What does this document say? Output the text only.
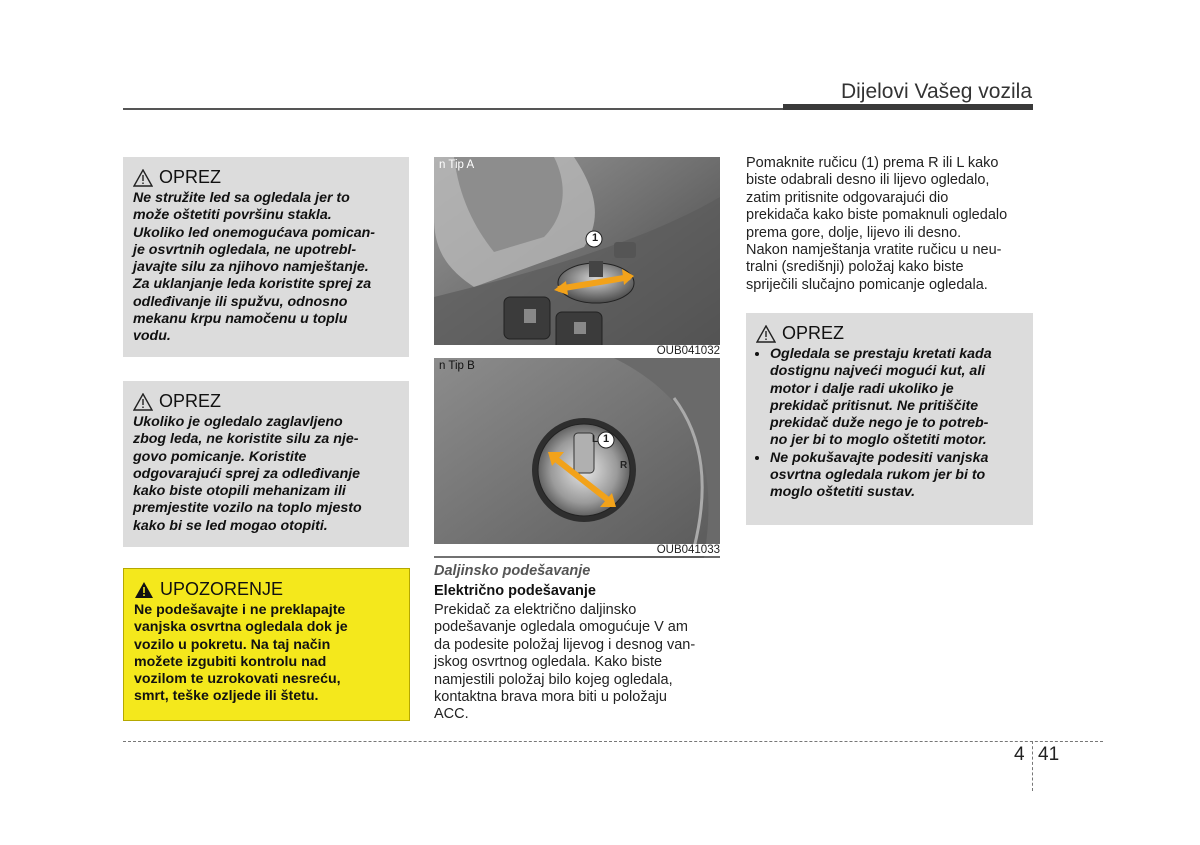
Dijelovi Vašeg vozila
OPREZ
Ne stružite led sa ogledala jer to
može oštetiti površinu stakla.
Ukoliko led onemogućava pomican-
je osvrtnih ogledala, ne upotrebl-
javajte silu za njihovo namještanje.
Za uklanjanje leda koristite sprej za
odleđivanje ili spužvu, odnosno
mekanu krpu namočenu u toplu
vodu.
OPREZ
Ukoliko je ogledalo zaglavljeno
zbog leda, ne koristite silu za nje-
govo pomicanje. Koristite
odgovarajući sprej za odleđivanje
kako biste otopili mehanizam ili
premjestite vozilo na toplo mjesto
kako bi se led mogao otopiti.
UPOZORENJE
Ne podešavajte i ne preklapajte
vanjska osvrtna ogledala dok je
vozilo u pokretu. Na taj način
možete izgubiti kontrolu nad
vozilom te uzrokovati nesreću,
smrt, teške ozljede ili štetu.
n Tip A
1
OUB041032
n Tip B
1
L
R
OUB041033
Daljinsko podešavanje
Električno podešavanje
Prekidač za električno daljinsko
podešavanje ogledala omogućuje V am
da podesite položaj lijevog i desnog van-
jskog osvrtnog ogledala. Kako biste
namjestili položaj bilo kojeg ogledala,
kontaktna brava mora biti u položaju
ACC.
Pomaknite ručicu (1) prema R ili L kako
biste odabrali desno ili lijevo ogledalo,
zatim pritisnite odgovarajući dio
prekidača kako biste pomaknuli ogledalo
prema gore, dolje, lijevo ili desno.
Nakon namještanja vratite ručicu u neu-
tralni (središnji) položaj kako biste
spriječili slučajno pomicanje ogledala.
OPREZ
• Ogledala se prestaju kretati kada
dostignu najveći mogući kut, ali
motor i dalje radi ukoliko je
prekidač pritisnut. Ne pritiščite
prekidač duže nego je to potreb-
no jer bi to moglo oštetiti motor.
• Ne pokušavajte podesiti vanjska
osvrtna ogledala rukom jer bi to
moglo oštetiti sustav.
4 41
